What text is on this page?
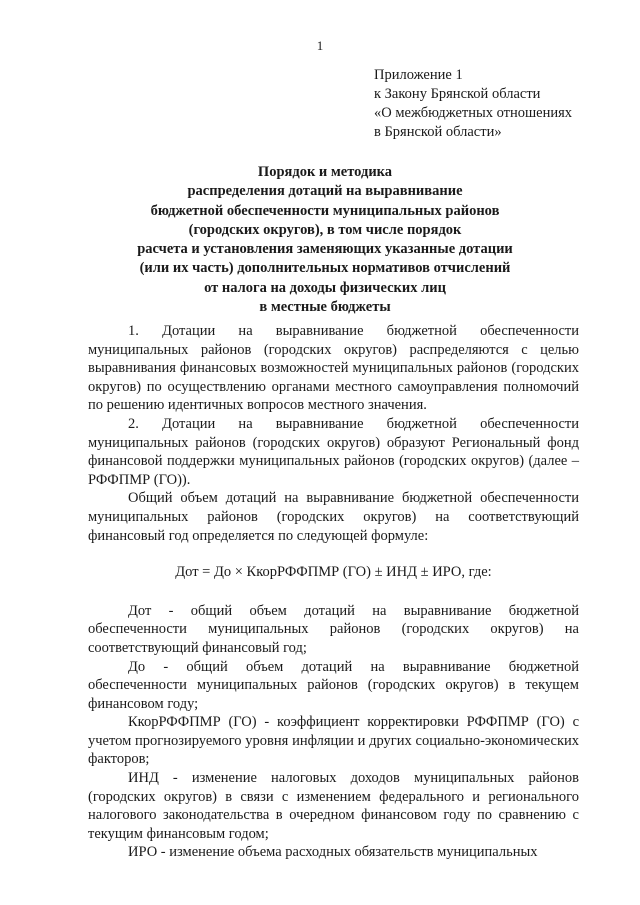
1
Приложение 1
к Закону Брянской области
«О межбюджетных отношениях
в Брянской области»
Порядок и методика
распределения дотаций на выравнивание
бюджетной обеспеченности муниципальных районов
(городских округов), в том числе порядок
расчета и установления заменяющих указанные дотации
(или их часть) дополнительных нормативов отчислений
от налога на доходы физических лиц
в местные бюджеты

1. Дотации на выравнивание бюджетной обеспеченности муниципальных районов (городских округов) распределяются с целью выравнивания финансовых возможностей муниципальных районов (городских округов) по осуществлению органами местного самоуправления полномочий по решению идентичных вопросов местного значения.

2. Дотации на выравнивание бюджетной обеспеченности муниципальных районов (городских округов) образуют Региональный фонд финансовой поддержки муниципальных районов (городских округов) (далее – РФФПМР (ГО)).

Общий объем дотаций на выравнивание бюджетной обеспеченности муниципальных районов (городских округов) на соответствующий финансовый год определяется по следующей формуле:

Дот = До × КкорРФФПМР (ГО) ± ИНД ± ИРО, где:

Дот - общий объем дотаций на выравнивание бюджетной обеспеченности муниципальных районов (городских округов) на соответствующий финансовый год;

До - общий объем дотаций на выравнивание бюджетной обеспеченности муниципальных районов (городских округов) в текущем финансовом году;

КкорРФФПМР (ГО) - коэффициент корректировки РФФПМР (ГО) с учетом прогнозируемого уровня инфляции и других социально-экономических факторов;

ИНД - изменение налоговых доходов муниципальных районов (городских округов) в связи с изменением федерального и регионального налогового законодательства в очередном финансовом году по сравнению с текущим финансовым годом;

ИРО - изменение объема расходных обязательств муниципальных
